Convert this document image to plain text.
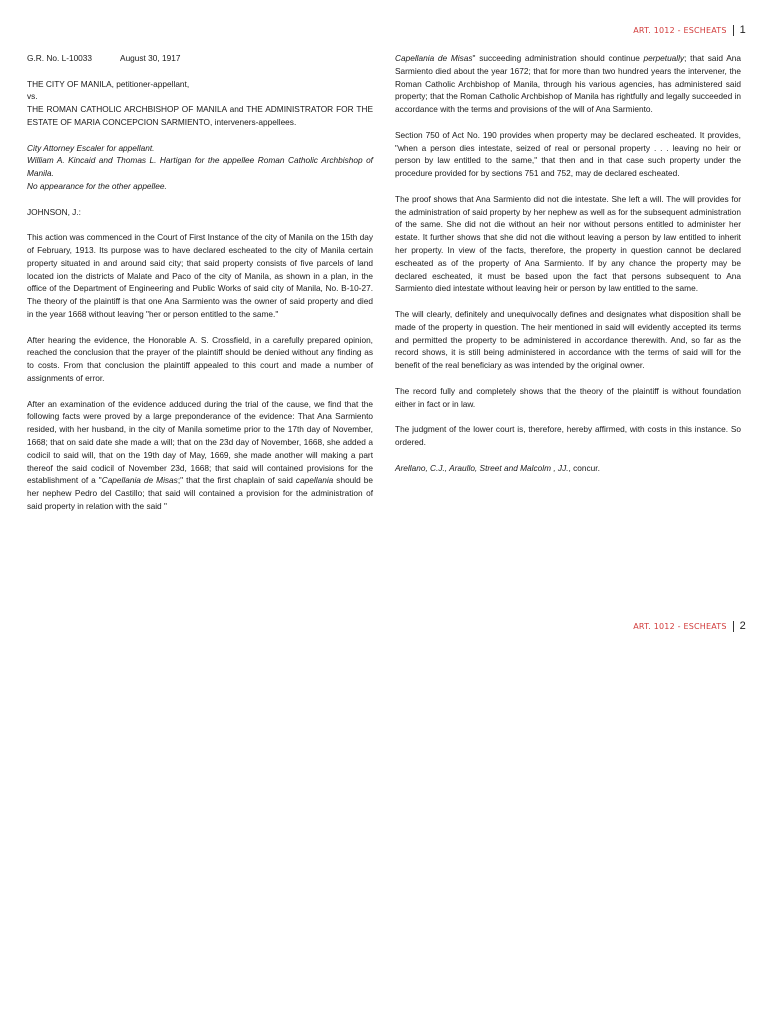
ART. 1012 - ESCHEATS 1

G.R. No. L-10033	August 30, 1917

THE CITY OF MANILA, petitioner-appellant,
vs.
THE ROMAN CATHOLIC ARCHBISHOP OF MANILA and THE ADMINISTRATOR FOR THE ESTATE OF MARIA CONCEPCION SARMIENTO, interveners-appellees.

City Attorney Escaler for appellant.

William A. Kincaid and Thomas L. Hartigan for the appellee Roman Catholic Archbishop of Manila.

No appearance for the other appellee.

JOHNSON, J.:

This action was commenced in the Court of First Instance of the city of Manila on the 15th day of February, 1913. Its purpose was to have declared escheated to the city of Manila certain property situated in and around said city; that said property consists of five parcels of land located ion the districts of Malate and Paco of the city of Manila, as shown in a plan, in the office of the Department of Engineering and Public Works of said city of Manila, No. B-10-27. The theory of the plaintiff is that one Ana Sarmiento was the owner of said property and died in the year 1668 without leaving "her or person entitled to the same."

After hearing the evidence, the Honorable A. S. Crossfield, in a carefully prepared opinion, reached the conclusion that the prayer of the plaintiff should be denied without any finding as to costs. From that conclusion the plaintiff appealed to this court and made a number of assignments of error.

After an examination of the evidence adduced during the trial of the cause, we find that the following facts were proved by a large preponderance of the evidence: That Ana Sarmiento resided, with her husband, in the city of Manila sometime prior to the 17th day of November, 1668; that on said date she made a will; that on the 23d day of November, 1668, she added a codicil to said will, that on the 19th day of May, 1669, she made another will making a part thereof the said codicil of November 23d, 1668; that said will contained provisions for the establishment of a "Capellania de Misas;" that the first chaplain of said capellania should be her nephew Pedro del Castillo; that said will contained a provision for the administration of said property in relation with the said "

Capellania de Misas" succeeding administration should continue perpetually; that said Ana Sarmiento died about the year 1672; that for more than two hundred years the intervener, the Roman Catholic Archbishop of Manila, through his various agencies, has administered said property; that the Roman Catholic Archbishop of Manila has rightfully and legally succeeded in accordance with the terms and provisions of the will of Ana Sarmiento.

Section 750 of Act No. 190 provides when property may be declared escheated. It provides, "when a person dies intestate, seized of real or personal property . . . leaving no heir or person by law entitled to the same," that then and in that case such property under the procedure provided for by sections 751 and 752, may de declared escheated.

The proof shows that Ana Sarmiento did not die intestate. She left a will. The will provides for the administration of said property by her nephew as well as for the subsequent administration of the same. She did not die without an heir nor without persons entitled to administer her estate. It further shows that she did not die without leaving a person by law entitled to inherit her property. In view of the facts, therefore, the property in question cannot be declared escheated as of the property of Ana Sarmiento. If by any chance the property may be declared escheated, it must be based upon the fact that persons subsequent to Ana Sarmiento died intestate without leaving heir or person by law entitled to the same.

The will clearly, definitely and unequivocally defines and designates what disposition shall be made of the property in question. The heir mentioned in said will evidently accepted its terms and permitted the property to be administered in accordance therewith. And, so far as the record shows, it is still being administered in accordance with the terms of said will for the benefit of the real beneficiary as was intended by the original owner.

The record fully and completely shows that the theory of the plaintiff is without foundation either in fact or in law.

The judgment of the lower court is, therefore, hereby affirmed, with costs in this instance. So ordered.

Arellano, C.J., Araullo, Street and Malcolm , JJ., concur.

ART. 1012 - ESCHEATS 2
